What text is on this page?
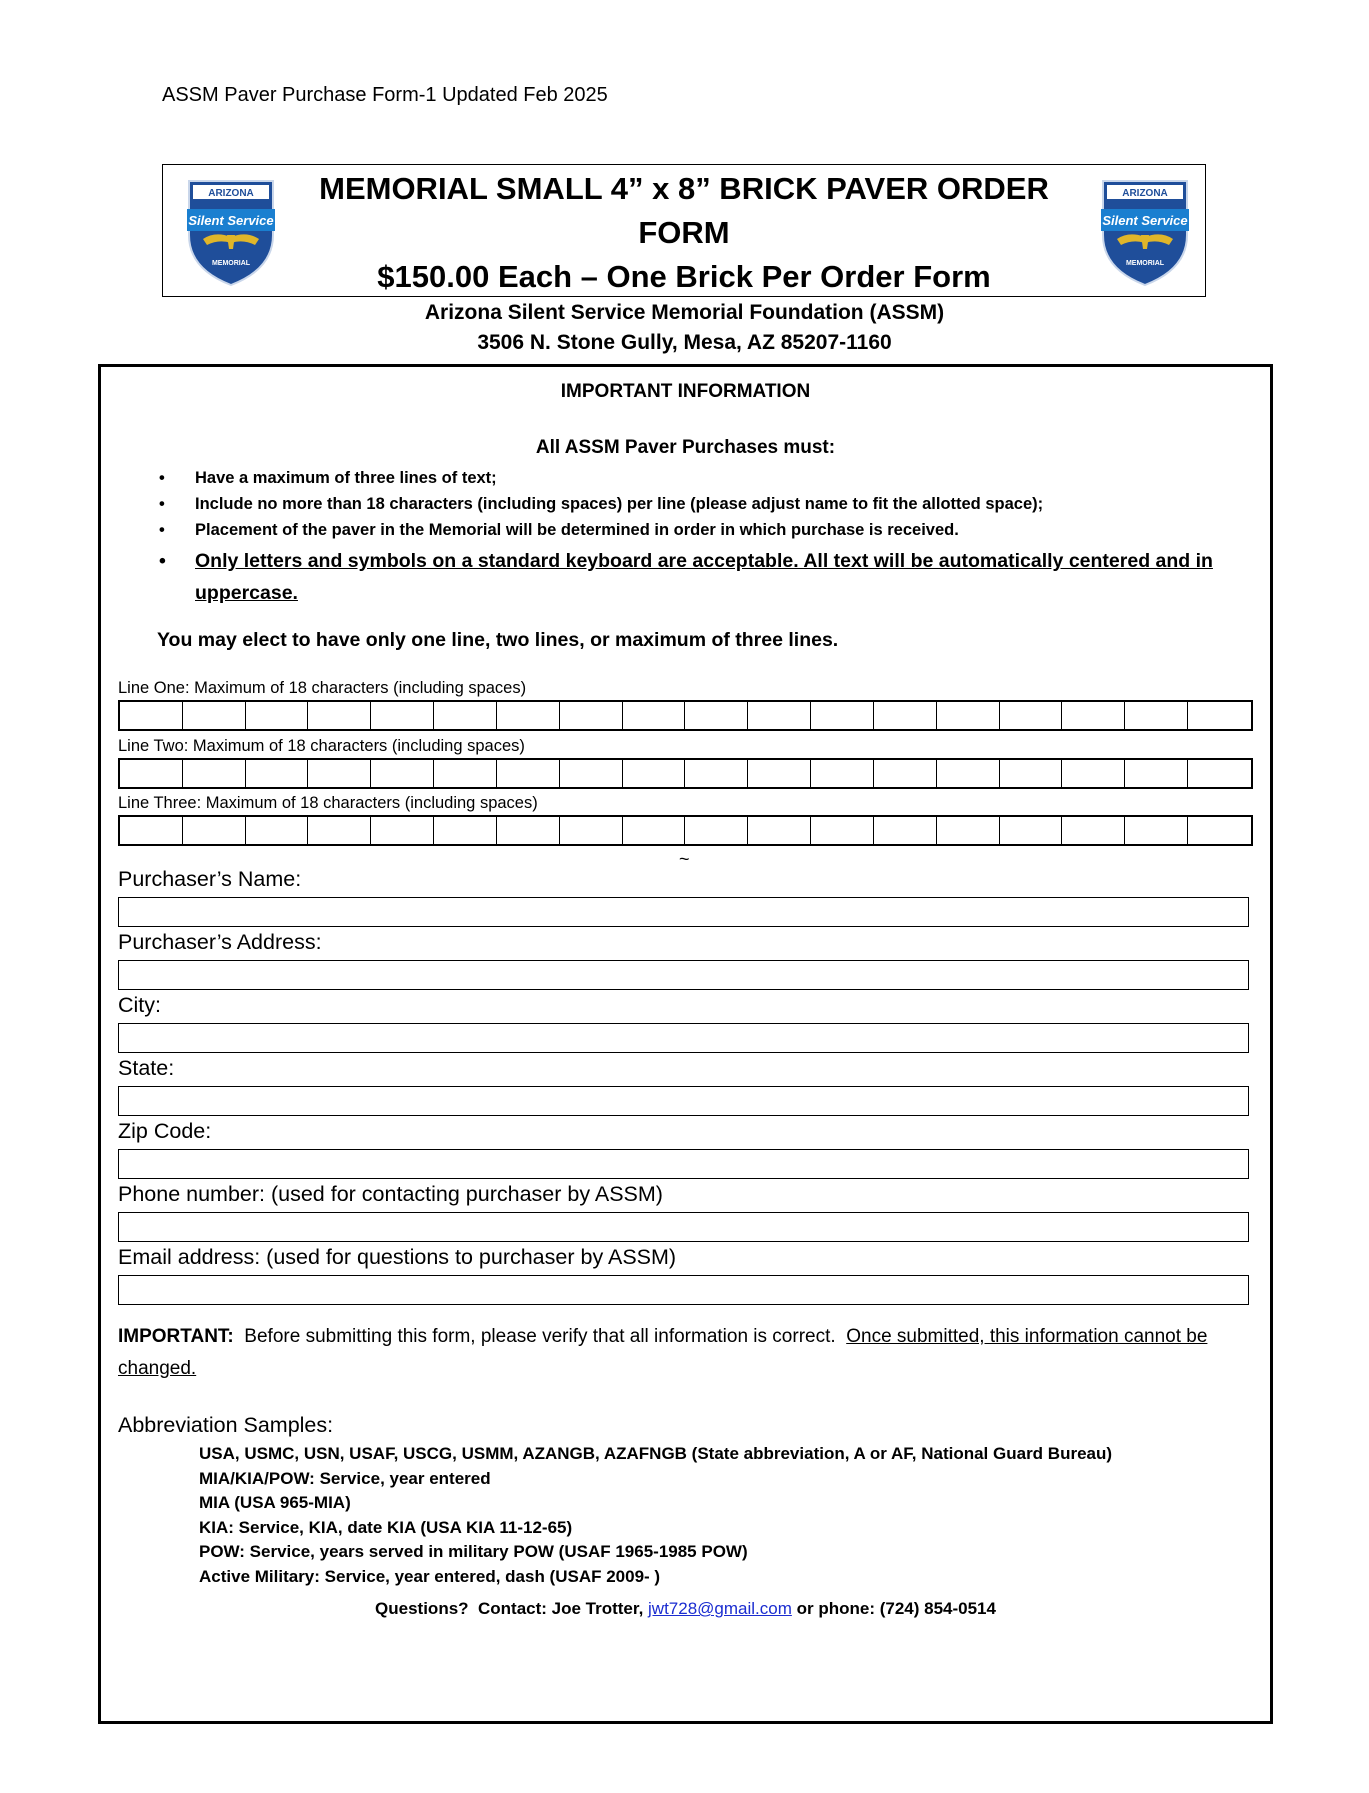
ASSM Paver Purchase Form-1 Updated Feb 2025
ARIZONA
Silent Service
MEMORIAL
MEMORIAL SMALL 4” x 8” BRICK PAVER ORDER
FORM
$150.00 Each – One Brick Per Order Form
ARIZONA
Silent Service
MEMORIAL
Arizona Silent Service Memorial Foundation (ASSM)
3506 N. Stone Gully, Mesa, AZ 85207-1160
IMPORTANT INFORMATION
All ASSM Paver Purchases must:
• Have a maximum of three lines of text;
• Include no more than 18 characters (including spaces) per line (please adjust name to fit the allotted space);
• Placement of the paver in the Memorial will be determined in order in which purchase is received.
• Only letters and symbols on a standard keyboard are acceptable. All text will be automatically centered and in uppercase.
You may elect to have only one line, two lines, or maximum of three lines.
Line One: Maximum of 18 characters (including spaces)
Line Two: Maximum of 18 characters (including spaces)
Line Three: Maximum of 18 characters (including spaces)
~
Purchaser’s Name:
Purchaser’s Address:
City:
State:
Zip Code:
Phone number: (used for contacting purchaser by ASSM)
Email address: (used for questions to purchaser by ASSM)
IMPORTANT:  Before submitting this form, please verify that all information is correct.  Once submitted, this information cannot be changed.
Abbreviation Samples:
USA, USMC, USN, USAF, USCG, USMM, AZANGB, AZAFNGB (State abbreviation, A or AF, National Guard Bureau)
MIA/KIA/POW: Service, year entered
MIA (USA 965-MIA)
KIA: Service, KIA, date KIA (USA KIA 11-12-65)
POW: Service, years served in military POW (USAF 1965-1985 POW)
Active Military: Service, year entered, dash (USAF 2009- )
Questions?  Contact: Joe Trotter, jwt728@gmail.com or phone: (724) 854-0514
